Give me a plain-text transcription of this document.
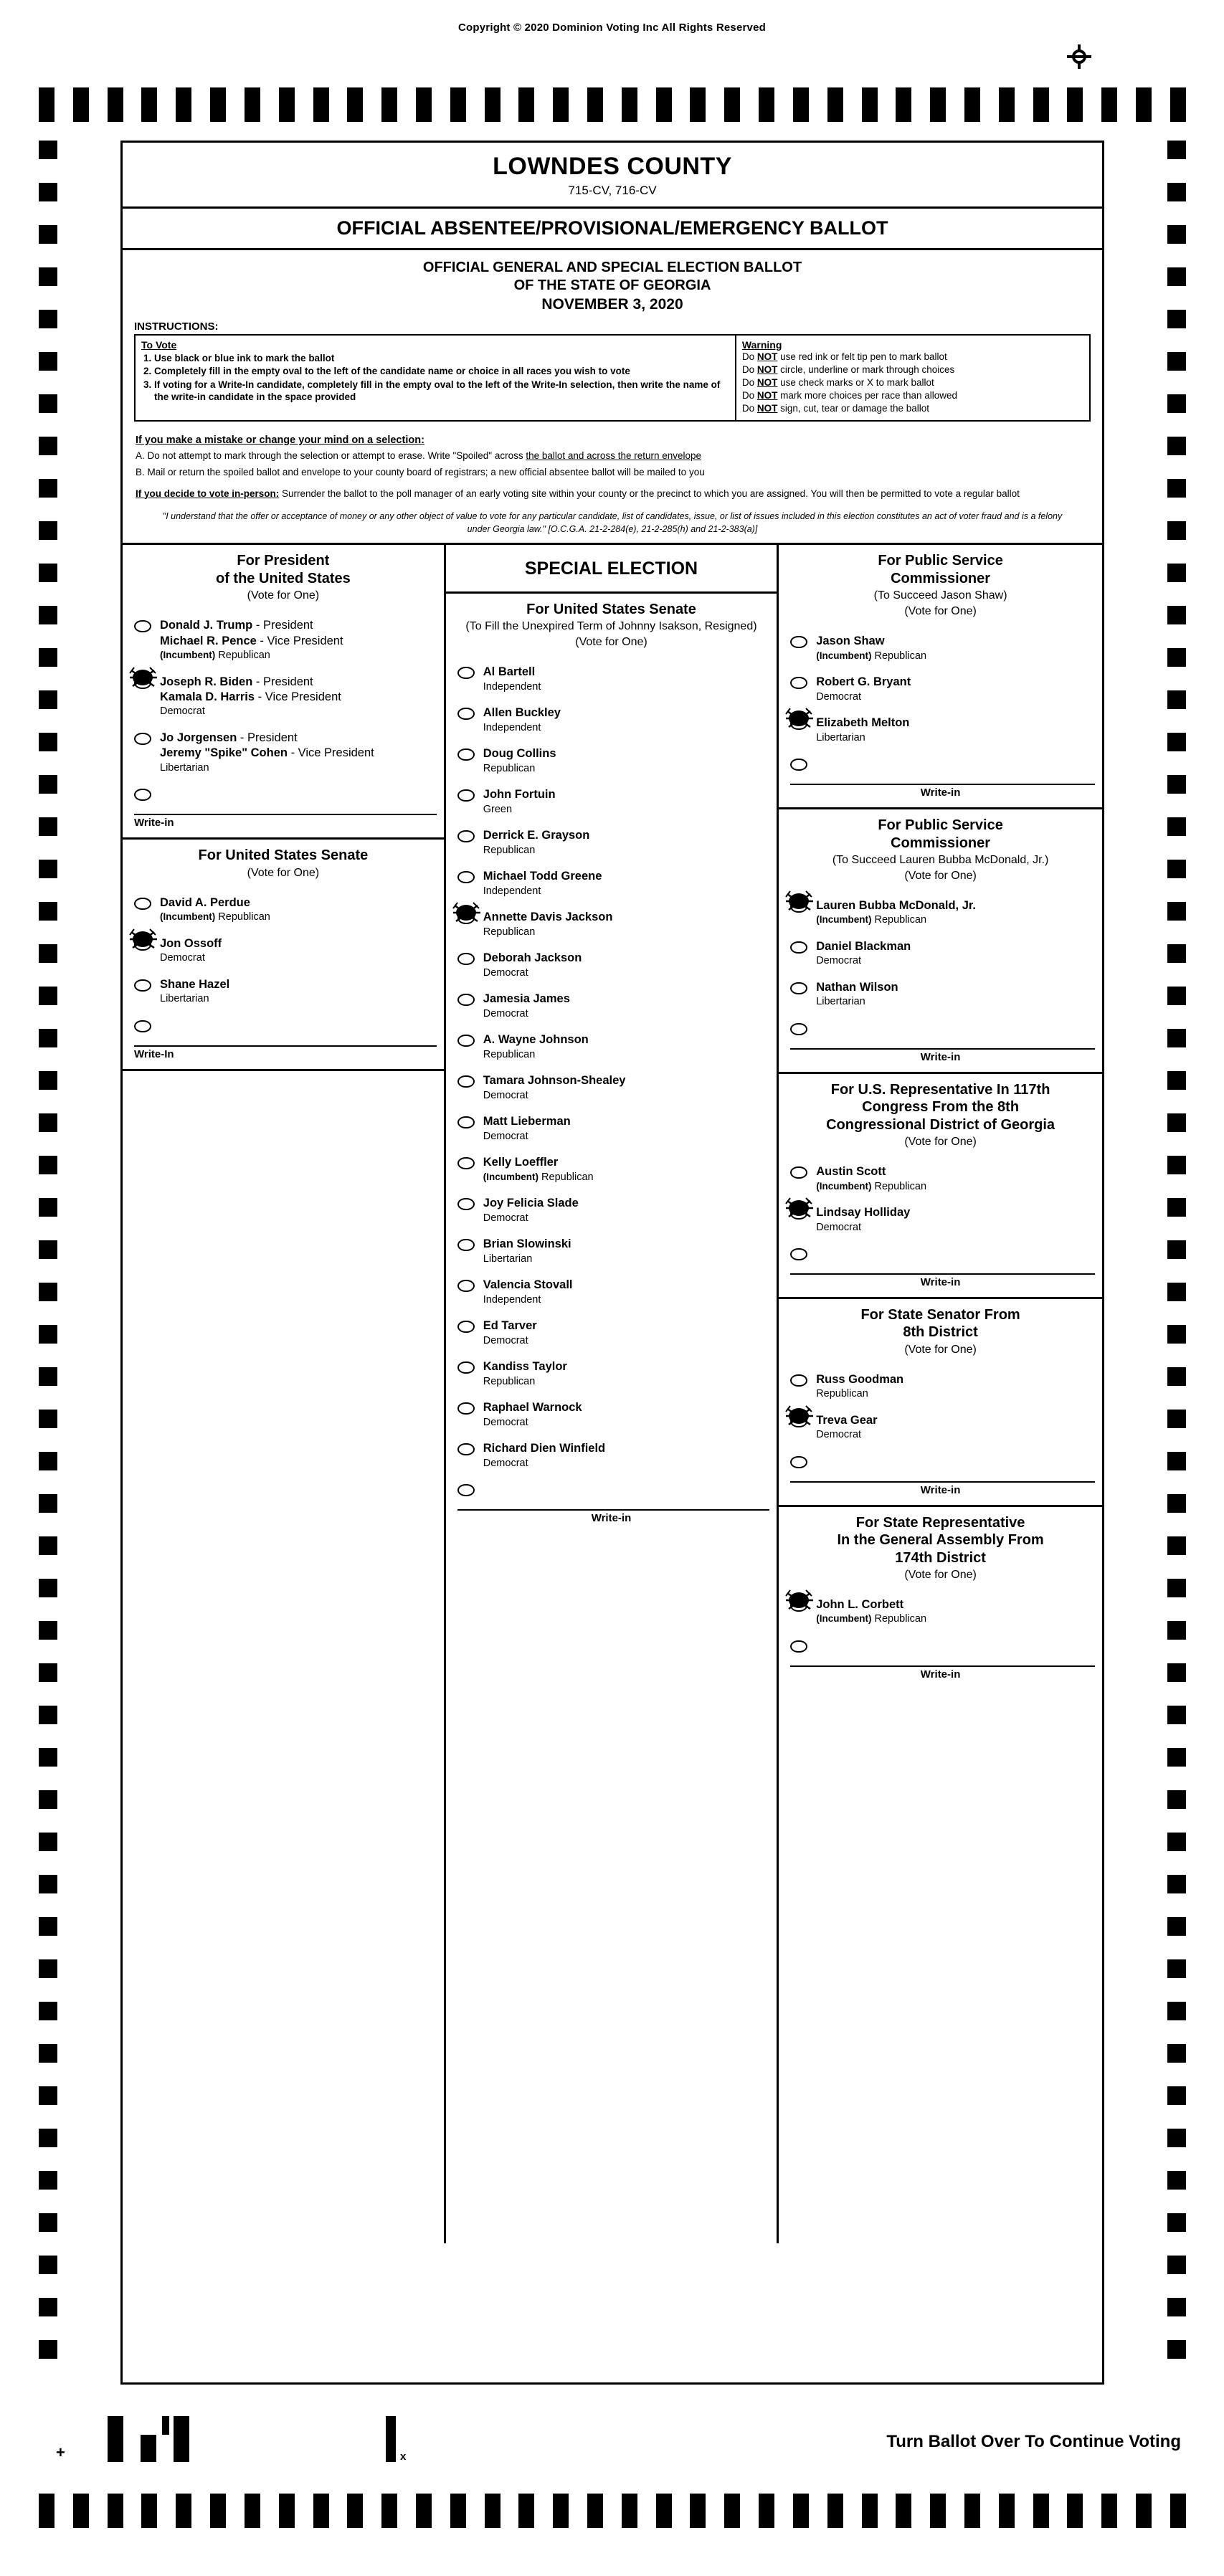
Copyright © 2020 Dominion Voting Inc All Rights Reserved
LOWNDES COUNTY
715-CV, 716-CV
OFFICIAL ABSENTEE/PROVISIONAL/EMERGENCY BALLOT
OFFICIAL GENERAL AND SPECIAL ELECTION BALLOT
OF THE STATE OF GEORGIA
NOVEMBER 3, 2020
INSTRUCTIONS:
To Vote
1. Use black or blue ink to mark the ballot
2. Completely fill in the empty oval to the left of the candidate name or choice in all races you wish to vote
3. If voting for a Write-In candidate, completely fill in the empty oval to the left of the Write-In selection, then write the name of the write-in candidate in the space provided
Warning
Do NOT use red ink or felt tip pen to mark ballot
Do NOT circle, underline or mark through choices
Do NOT use check marks or X to mark ballot
Do NOT mark more choices per race than allowed
Do NOT sign, cut, tear or damage the ballot
If you make a mistake or change your mind on a selection:
A. Do not attempt to mark through the selection or attempt to erase. Write "Spoiled" across the ballot and across the return envelope
B. Mail or return the spoiled ballot and envelope to your county board of registrars; a new official absentee ballot will be mailed to you
If you decide to vote in-person: Surrender the ballot to the poll manager of an early voting site within your county or the precinct to which you are assigned. You will then be permitted to vote a regular ballot
"I understand that the offer or acceptance of money or any other object of value to vote for any particular candidate, list of candidates, issue, or list of issues included in this election constitutes an act of voter fraud and is a felony under Georgia law." [O.C.G.A. 21-2-284(e), 21-2-285(h) and 21-2-383(a)]
For President
of the United States
(Vote for One)
Donald J. Trump - President
Michael R. Pence - Vice President
(Incumbent) Republican
Joseph R. Biden - President
Kamala D. Harris - Vice President
Democrat
Jo Jorgensen - President
Jeremy "Spike" Cohen - Vice President
Libertarian
Write-in
For United States Senate
(Vote for One)
David A. Perdue
(Incumbent) Republican
Jon Ossoff
Democrat
Shane Hazel
Libertarian
Write-In
SPECIAL ELECTION
For United States Senate
(To Fill the Unexpired Term of Johnny Isakson, Resigned)
(Vote for One)
Al Bartell
Independent
Allen Buckley
Independent
Doug Collins
Republican
John Fortuin
Green
Derrick E. Grayson
Republican
Michael Todd Greene
Independent
Annette Davis Jackson
Republican
Deborah Jackson
Democrat
Jamesia James
Democrat
A. Wayne Johnson
Republican
Tamara Johnson-Shealey
Democrat
Matt Lieberman
Democrat
Kelly Loeffler
(Incumbent) Republican
Joy Felicia Slade
Democrat
Brian Slowinski
Libertarian
Valencia Stovall
Independent
Ed Tarver
Democrat
Kandiss Taylor
Republican
Raphael Warnock
Democrat
Richard Dien Winfield
Democrat
Write-in
For Public Service
Commissioner
(To Succeed Jason Shaw)
(Vote for One)
Jason Shaw
(Incumbent) Republican
Robert G. Bryant
Democrat
Elizabeth Melton
Libertarian
Write-in
For Public Service
Commissioner
(To Succeed Lauren Bubba McDonald, Jr.)
(Vote for One)
Lauren Bubba McDonald, Jr.
(Incumbent) Republican
Daniel Blackman
Democrat
Nathan Wilson
Libertarian
Write-in
For U.S. Representative In 117th
Congress From the 8th
Congressional District of Georgia
(Vote for One)
Austin Scott
(Incumbent) Republican
Lindsay Holliday
Democrat
Write-in
For State Senator From
8th District
(Vote for One)
Russ Goodman
Republican
Treva Gear
Democrat
Write-in
For State Representative
In the General Assembly From
174th District
(Vote for One)
John L. Corbett
(Incumbent) Republican
Write-in
+	x
Turn Ballot Over To Continue Voting
